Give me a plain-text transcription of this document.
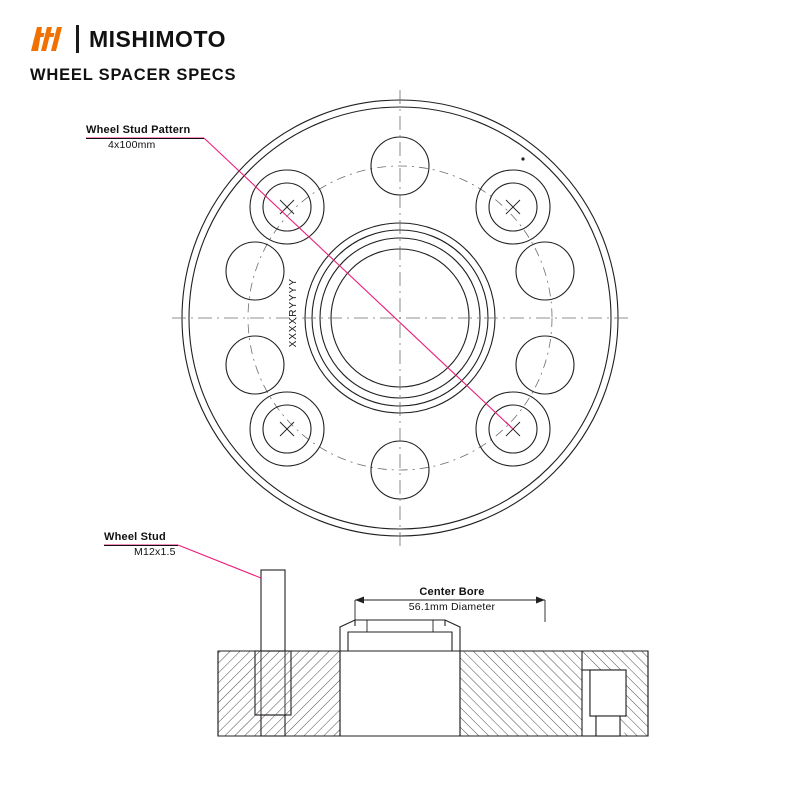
MISHIMOTO
WHEEL SPACER SPECS
Wheel Stud Pattern
4x100mm
Wheel Stud
M12x1.5
Center Bore
56.1mm Diameter
XXXXRYYYY
